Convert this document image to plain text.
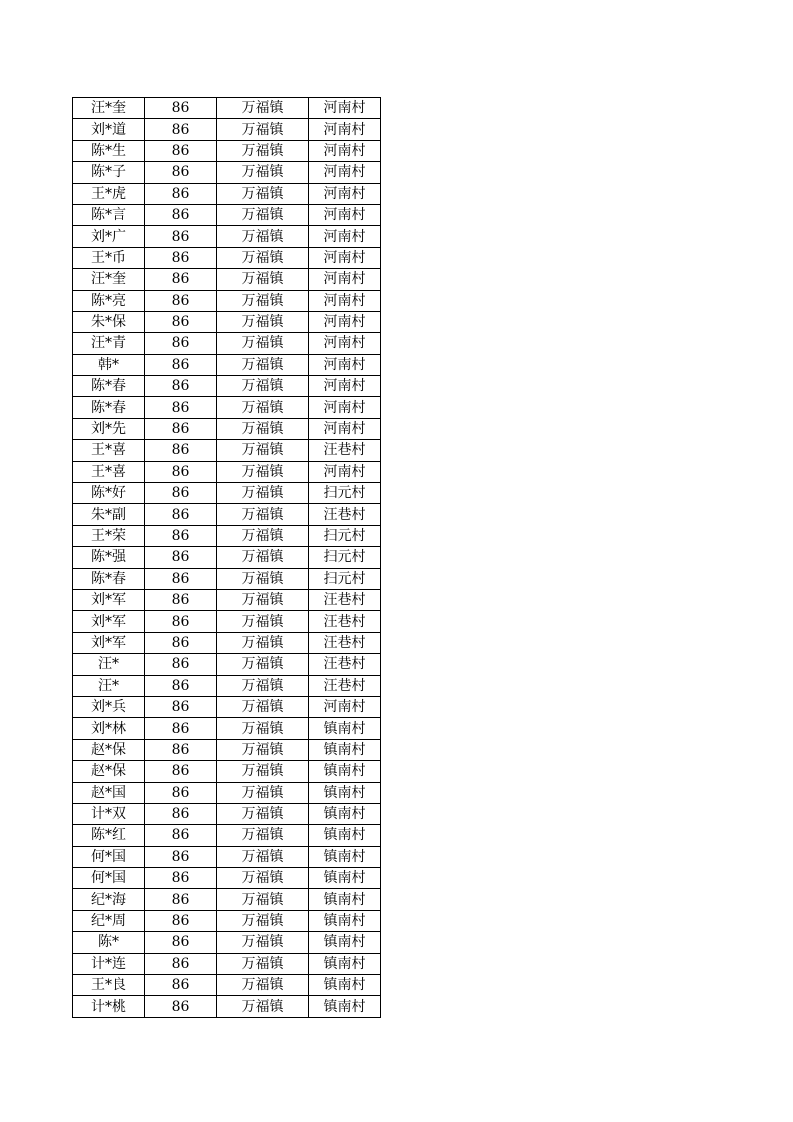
汪*奎	86	万福镇	河南村
刘*道	86	万福镇	河南村
陈*生	86	万福镇	河南村
陈*子	86	万福镇	河南村
王*虎	86	万福镇	河南村
陈*言	86	万福镇	河南村
刘*广	86	万福镇	河南村
王*币	86	万福镇	河南村
汪*奎	86	万福镇	河南村
陈*亮	86	万福镇	河南村
朱*保	86	万福镇	河南村
汪*青	86	万福镇	河南村
韩*	86	万福镇	河南村
陈*春	86	万福镇	河南村
陈*春	86	万福镇	河南村
刘*先	86	万福镇	河南村
王*喜	86	万福镇	汪巷村
王*喜	86	万福镇	河南村
陈*好	86	万福镇	扫元村
朱*副	86	万福镇	汪巷村
王*荣	86	万福镇	扫元村
陈*强	86	万福镇	扫元村
陈*春	86	万福镇	扫元村
刘*军	86	万福镇	汪巷村
刘*军	86	万福镇	汪巷村
刘*军	86	万福镇	汪巷村
汪*	86	万福镇	汪巷村
汪*	86	万福镇	汪巷村
刘*兵	86	万福镇	河南村
刘*林	86	万福镇	镇南村
赵*保	86	万福镇	镇南村
赵*保	86	万福镇	镇南村
赵*国	86	万福镇	镇南村
计*双	86	万福镇	镇南村
陈*红	86	万福镇	镇南村
何*国	86	万福镇	镇南村
何*国	86	万福镇	镇南村
纪*海	86	万福镇	镇南村
纪*周	86	万福镇	镇南村
陈*	86	万福镇	镇南村
计*连	86	万福镇	镇南村
王*良	86	万福镇	镇南村
计*桃	86	万福镇	镇南村
